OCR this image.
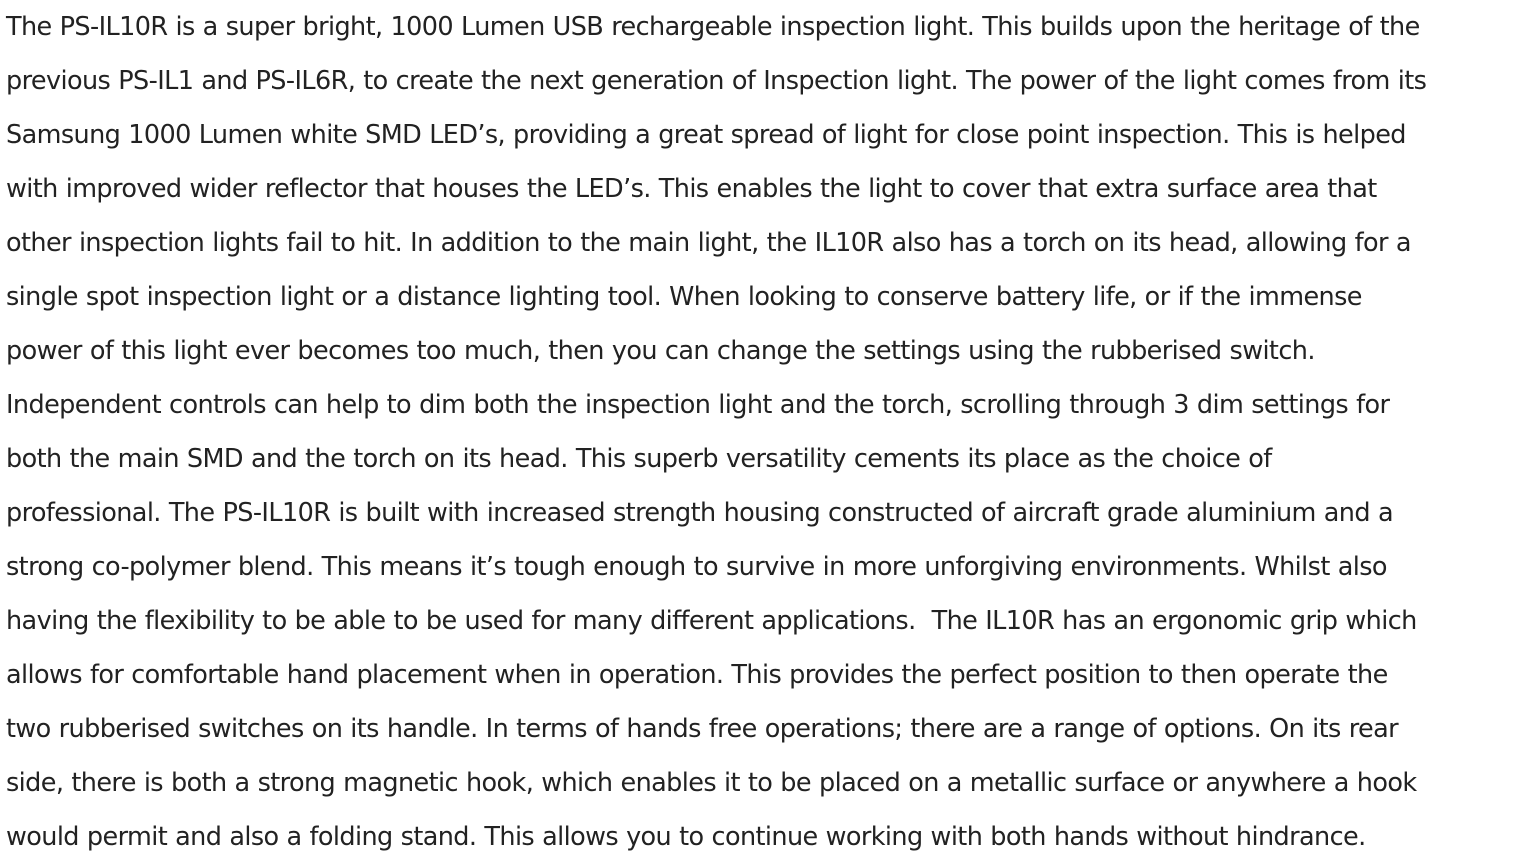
The PS-IL10R is a super bright, 1000 Lumen USB rechargeable inspection light. This builds upon the heritage of the
previous PS-IL1 and PS-IL6R, to create the next generation of Inspection light. The power of the light comes from its
Samsung 1000 Lumen white SMD LED’s, providing a great spread of light for close point inspection. This is helped
with improved wider reflector that houses the LED’s. This enables the light to cover that extra surface area that
other inspection lights fail to hit. In addition to the main light, the IL10R also has a torch on its head, allowing for a
single spot inspection light or a distance lighting tool. When looking to conserve battery life, or if the immense
power of this light ever becomes too much, then you can change the settings using the rubberised switch.
Independent controls can help to dim both the inspection light and the torch, scrolling through 3 dim settings for
both the main SMD and the torch on its head. This superb versatility cements its place as the choice of
professional. The PS-IL10R is built with increased strength housing constructed of aircraft grade aluminium and a
strong co-polymer blend. This means it’s tough enough to survive in more unforgiving environments. Whilst also
having the flexibility to be able to be used for many different applications.  The IL10R has an ergonomic grip which
allows for comfortable hand placement when in operation. This provides the perfect position to then operate the
two rubberised switches on its handle. In terms of hands free operations; there are a range of options. On its rear
side, there is both a strong magnetic hook, which enables it to be placed on a metallic surface or anywhere a hook
would permit and also a folding stand. This allows you to continue working with both hands without hindrance.
